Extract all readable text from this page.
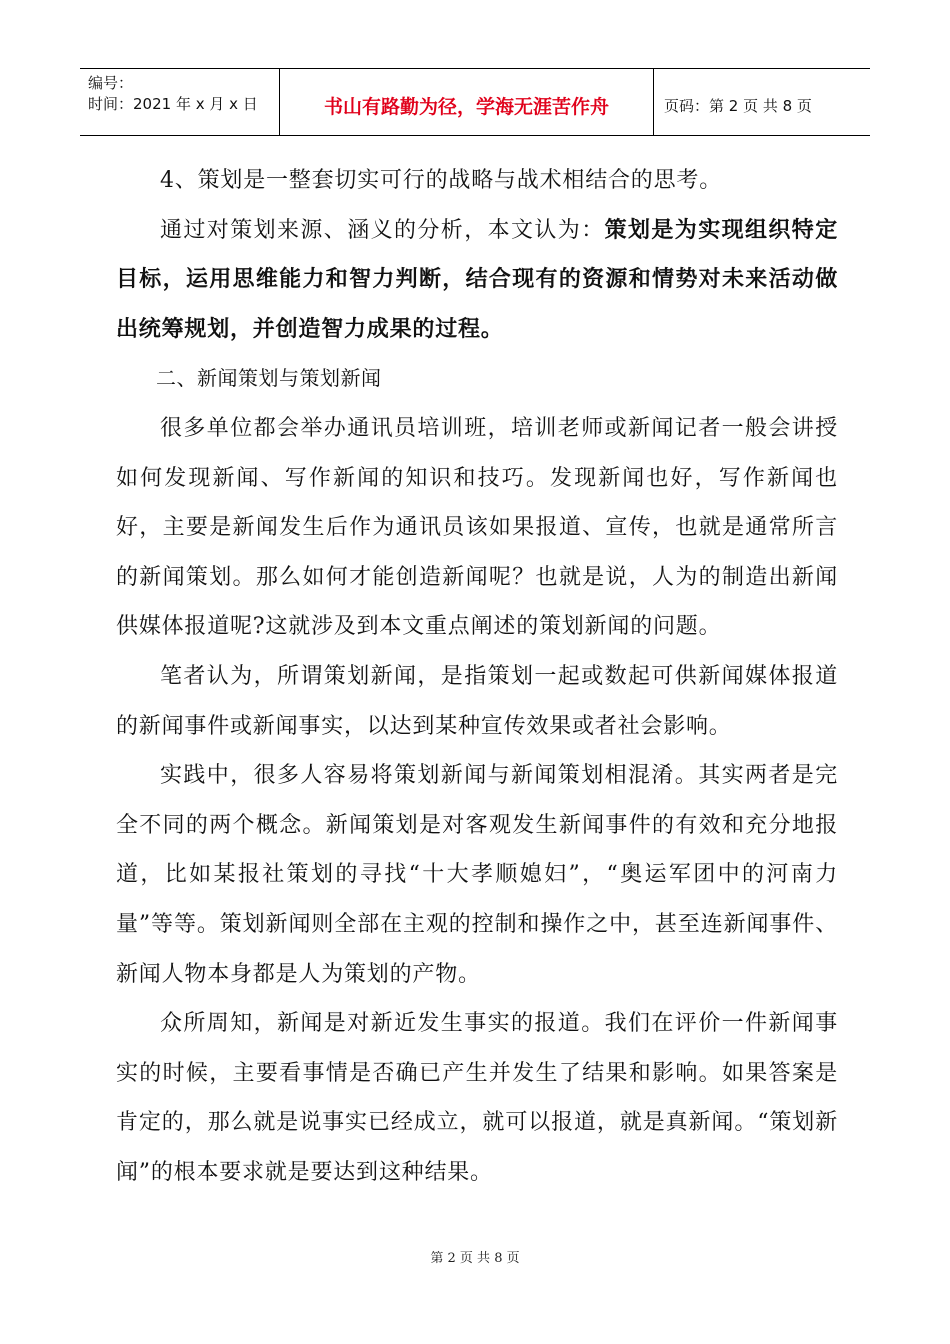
编号：
时间：2021 年 x 月 x 日	书山有路勤为径，学海无涯苦作舟	页码：第 2 页 共 8 页

4、策划是一整套切实可行的战略与战术相结合的思考。

通过对策划来源、涵义的分析，本文认为：策划是为实现组织特定目标，运用思维能力和智力判断，结合现有的资源和情势对未来活动做出统筹规划，并创造智力成果的过程。

二、新闻策划与策划新闻

很多单位都会举办通讯员培训班，培训老师或新闻记者一般会讲授如何发现新闻、写作新闻的知识和技巧。发现新闻也好，写作新闻也好，主要是新闻发生后作为通讯员该如果报道、宣传，也就是通常所言的新闻策划。那么如何才能创造新闻呢？也就是说，人为的制造出新闻供媒体报道呢?这就涉及到本文重点阐述的策划新闻的问题。

笔者认为，所谓策划新闻，是指策划一起或数起可供新闻媒体报道的新闻事件或新闻事实，以达到某种宣传效果或者社会影响。

实践中，很多人容易将策划新闻与新闻策划相混淆。其实两者是完全不同的两个概念。新闻策划是对客观发生新闻事件的有效和充分地报道，比如某报社策划的寻找“十大孝顺媳妇”，“奥运军团中的河南力量”等等。策划新闻则全部在主观的控制和操作之中，甚至连新闻事件、新闻人物本身都是人为策划的产物。

众所周知，新闻是对新近发生事实的报道。我们在评价一件新闻事实的时候，主要看事情是否确已产生并发生了结果和影响。如果答案是肯定的，那么就是说事实已经成立，就可以报道，就是真新闻。“策划新闻”的根本要求就是要达到这种结果。

第 2 页 共 8 页
